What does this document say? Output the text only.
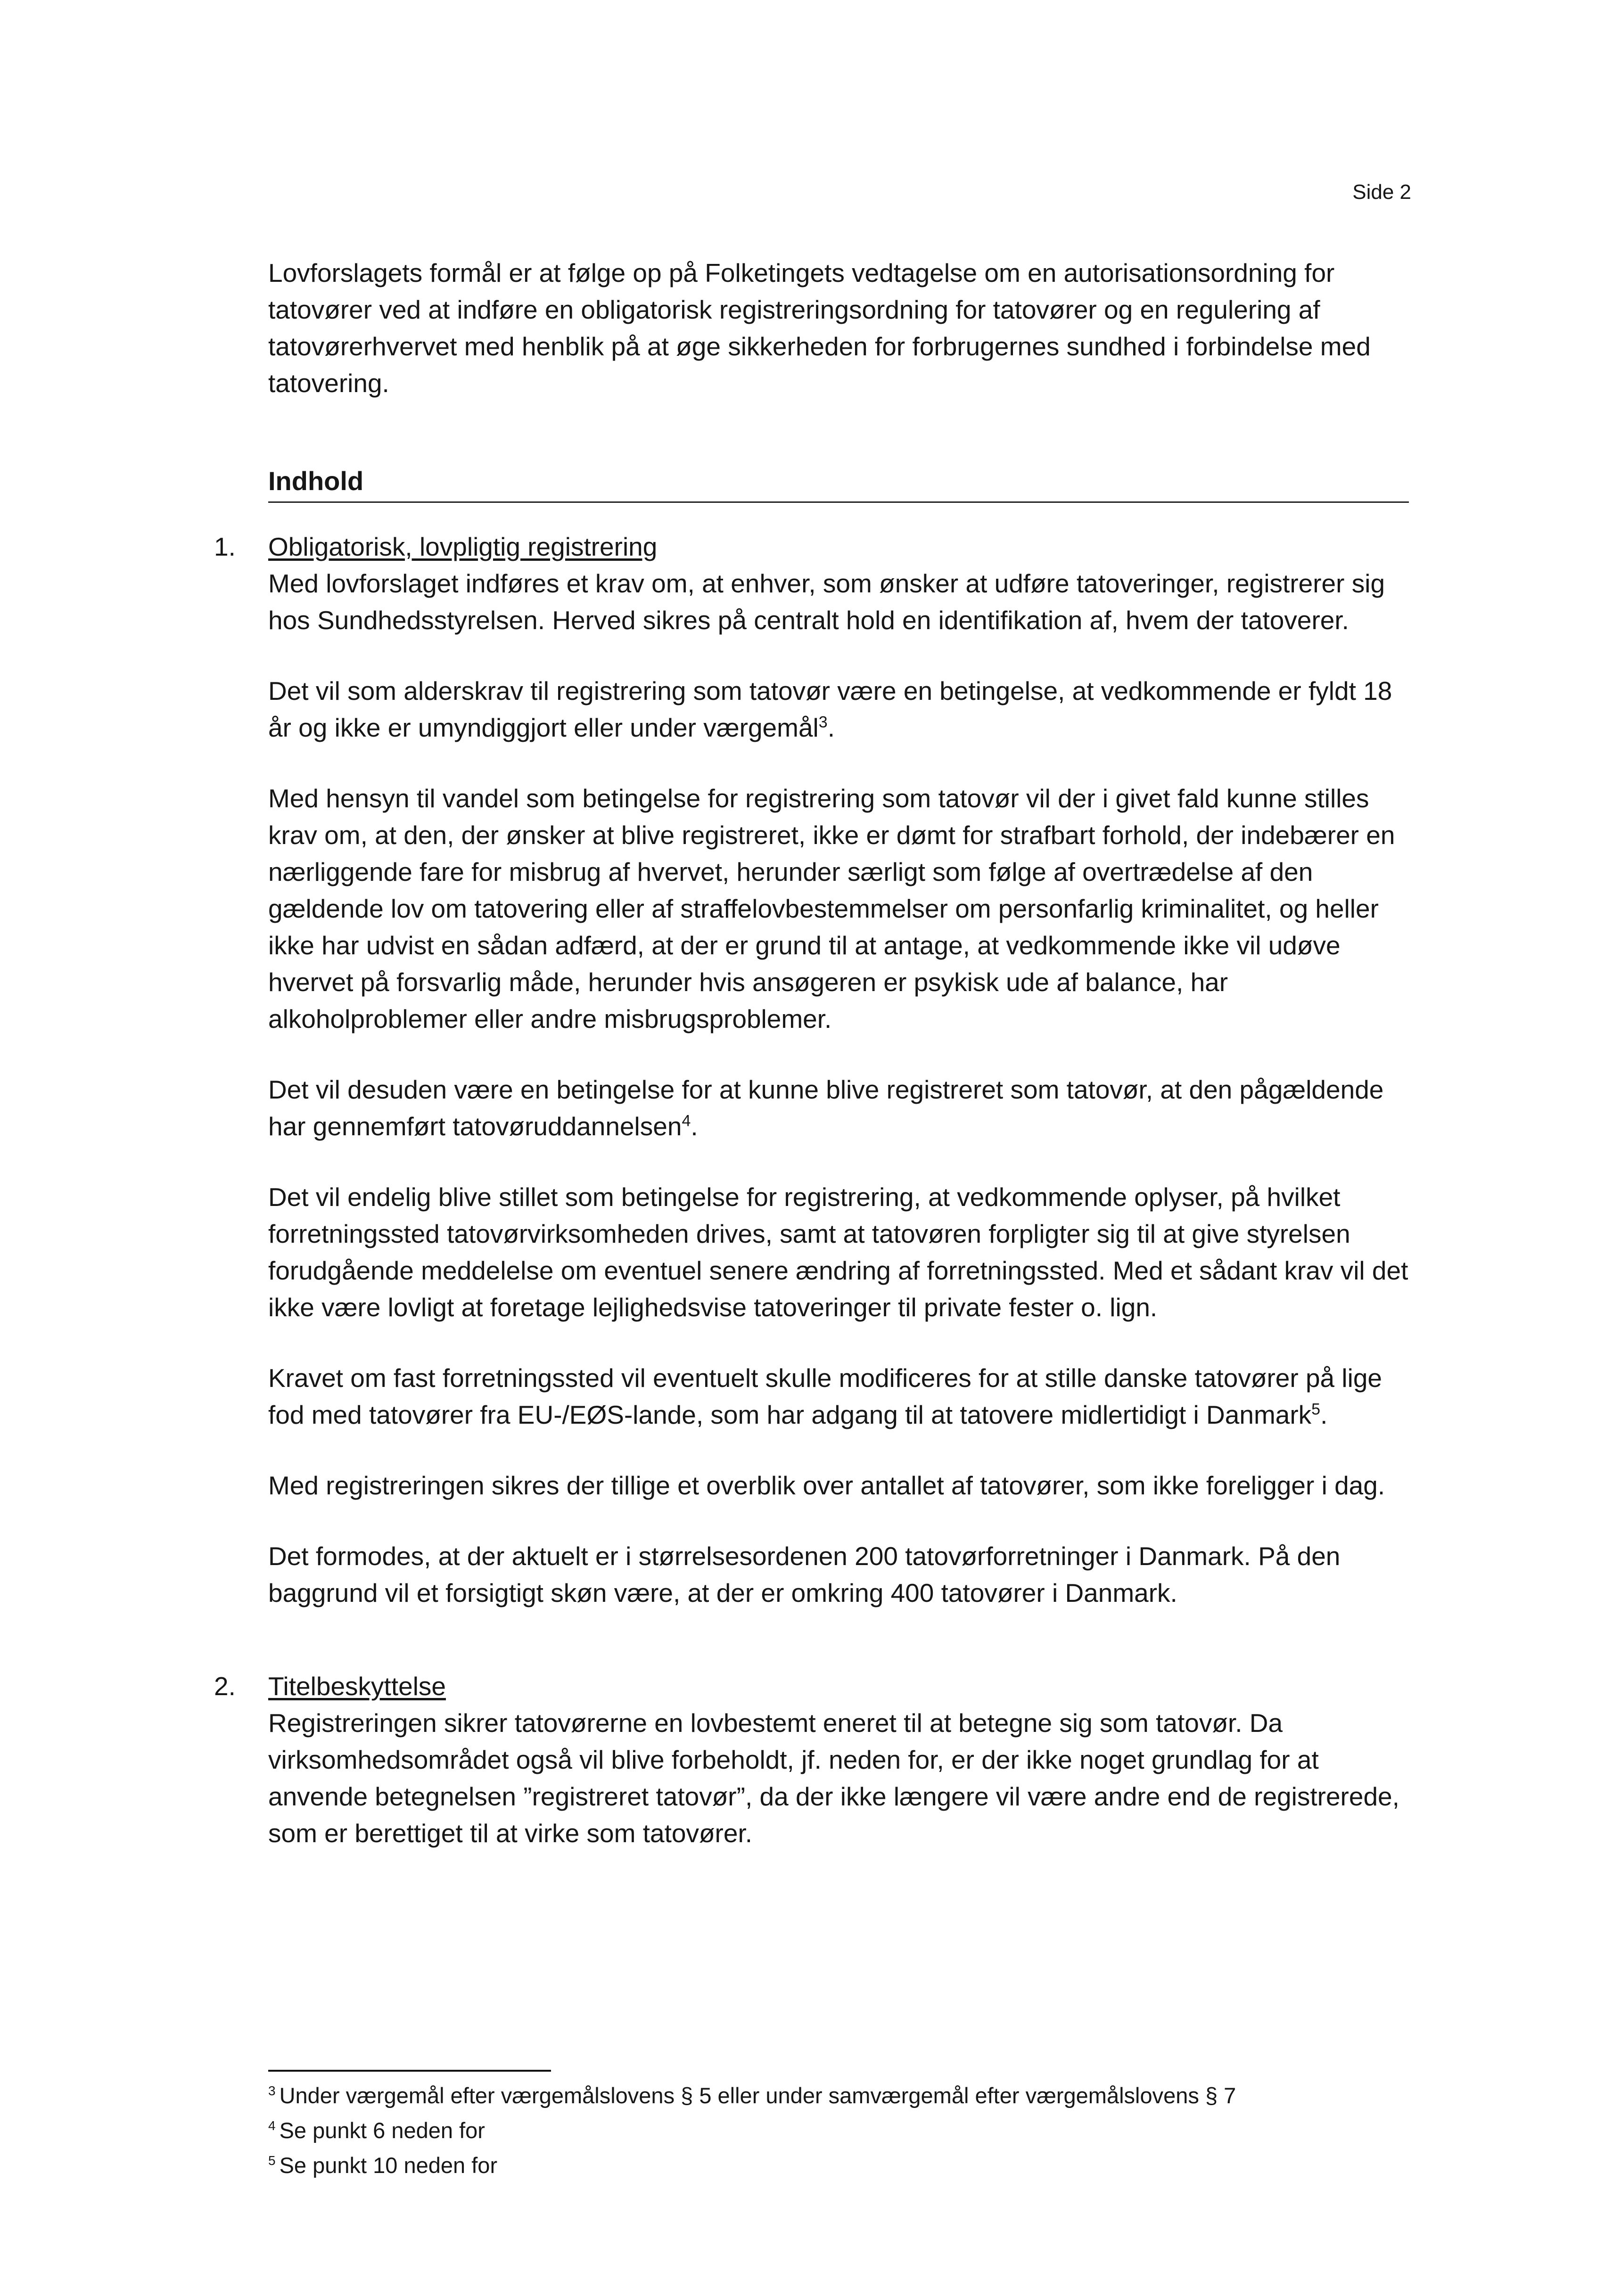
Side 2

Lovforslagets formål er at følge op på Folketingets vedtagelse om en autorisationsordning for tatovører ved at indføre en obligatorisk registreringsordning for tatovører og en regulering af tatovørerhvervet med henblik på at øge sikkerheden for forbrugernes sundhed i forbindelse med tatovering.

Indhold
1. Obligatorisk, lovpligtig registrering

Med lovforslaget indføres et krav om, at enhver, som ønsker at udføre tatoveringer, registrerer sig hos Sundhedsstyrelsen. Herved sikres på centralt hold en identifikation af, hvem der tatoverer.

Det vil som alderskrav til registrering som tatovør være en betingelse, at vedkommende er fyldt 18 år og ikke er umyndiggjort eller under værgemål$^3$.

Med hensyn til vandel som betingelse for registrering som tatovør vil der i givet fald kunne stilles krav om, at den, der ønsker at blive registreret, ikke er dømt for strafbart forhold, der indebærer en nærliggende fare for misbrug af hvervet, herunder særligt som følge af overtrædelse af den gældende lov om tatovering eller af straffelovbestemmelser om personfarlig kriminalitet, og heller ikke har udvist en sådan adfærd, at der er grund til at antage, at vedkommende ikke vil udøve hvervet på forsvarlig måde, herunder hvis ansøgeren er psykisk ude af balance, har alkoholproblemer eller andre misbrugsproblemer.

Det vil desuden være en betingelse for at kunne blive registreret som tatovør, at den pågældende har gennemført tatovøruddannelsen$^4$.

Det vil endelig blive stillet som betingelse for registrering, at vedkommende oplyser, på hvilket forretningssted tatovørvirksomheden drives, samt at tatovøren forpligter sig til at give styrelsen forudgående meddelelse om eventuel senere ændring af forretningssted. Med et sådant krav vil det ikke være lovligt at foretage lejlighedsvise tatoveringer til private fester o. lign.

Kravet om fast forretningssted vil eventuelt skulle modificeres for at stille danske tatovører på lige fod med tatovører fra EU-/EØS-lande, som har adgang til at tatovere midlertidigt i Danmark$^5$.

Med registreringen sikres der tillige et overblik over antallet af tatovører, som ikke foreligger i dag.

Det formodes, at der aktuelt er i størrelsesordenen 200 tatovørforretninger i Danmark. På den baggrund vil et forsigtigt skøn være, at der er omkring 400 tatovører i Danmark.

2. Titelbeskyttelse

Registreringen sikrer tatovørerne en lovbestemt eneret til at betegne sig som tatovør. Da virksomhedsområdet også vil blive forbeholdt, jf. neden for, er der ikke noget grundlag for at anvende betegnelsen ”registreret tatovør”, da der ikke længere vil være andre end de registrerede, som er berettiget til at virke som tatovører.

$^3$ Under værgemål efter værgemålslovens § 5 eller under samværgemål efter værgemålslovens § 7
$^4$ Se punkt 6 neden for
$^5$ Se punkt 10 neden for
